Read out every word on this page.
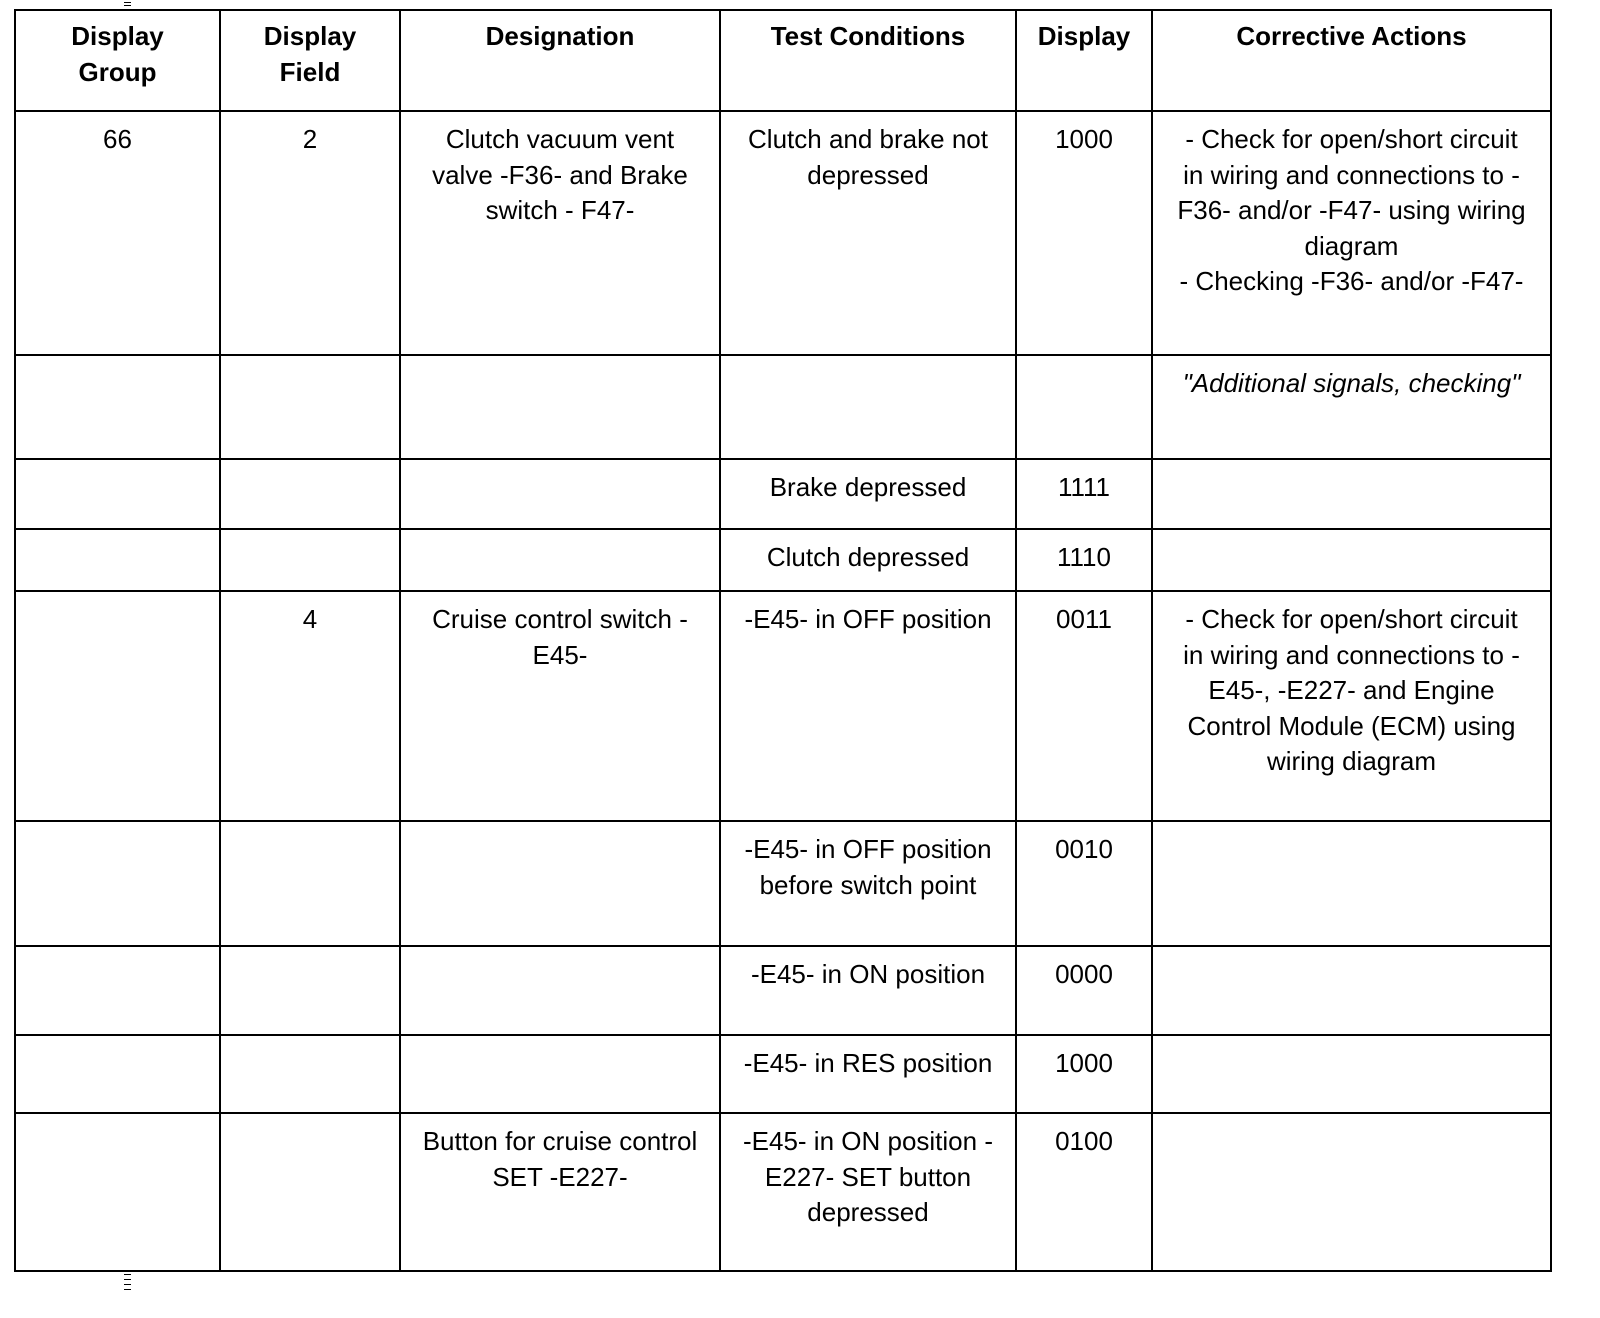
Display
Group	Display
Field	Designation	Test Conditions	Display	Corrective Actions
66	2	Clutch vacuum vent
valve -F36- and Brake
switch - F47-	Clutch and brake not
depressed	1000	- Check for open/short circuit
in wiring and connections to -
F36- and/or -F47- using wiring
diagram
- Checking -F36- and/or -F47-
					"Additional signals, checking"
			Brake depressed	1111	
			Clutch depressed	1110	
	4	Cruise control switch -
E45-	-E45- in OFF position	0011	- Check for open/short circuit
in wiring and connections to -
E45-, -E227- and Engine
Control Module (ECM) using
wiring diagram
			-E45- in OFF position
before switch point	0010	
			-E45- in ON position	0000	
			-E45- in RES position	1000	
		Button for cruise control
SET -E227-	-E45- in ON position -
E227- SET button
depressed	0100	
